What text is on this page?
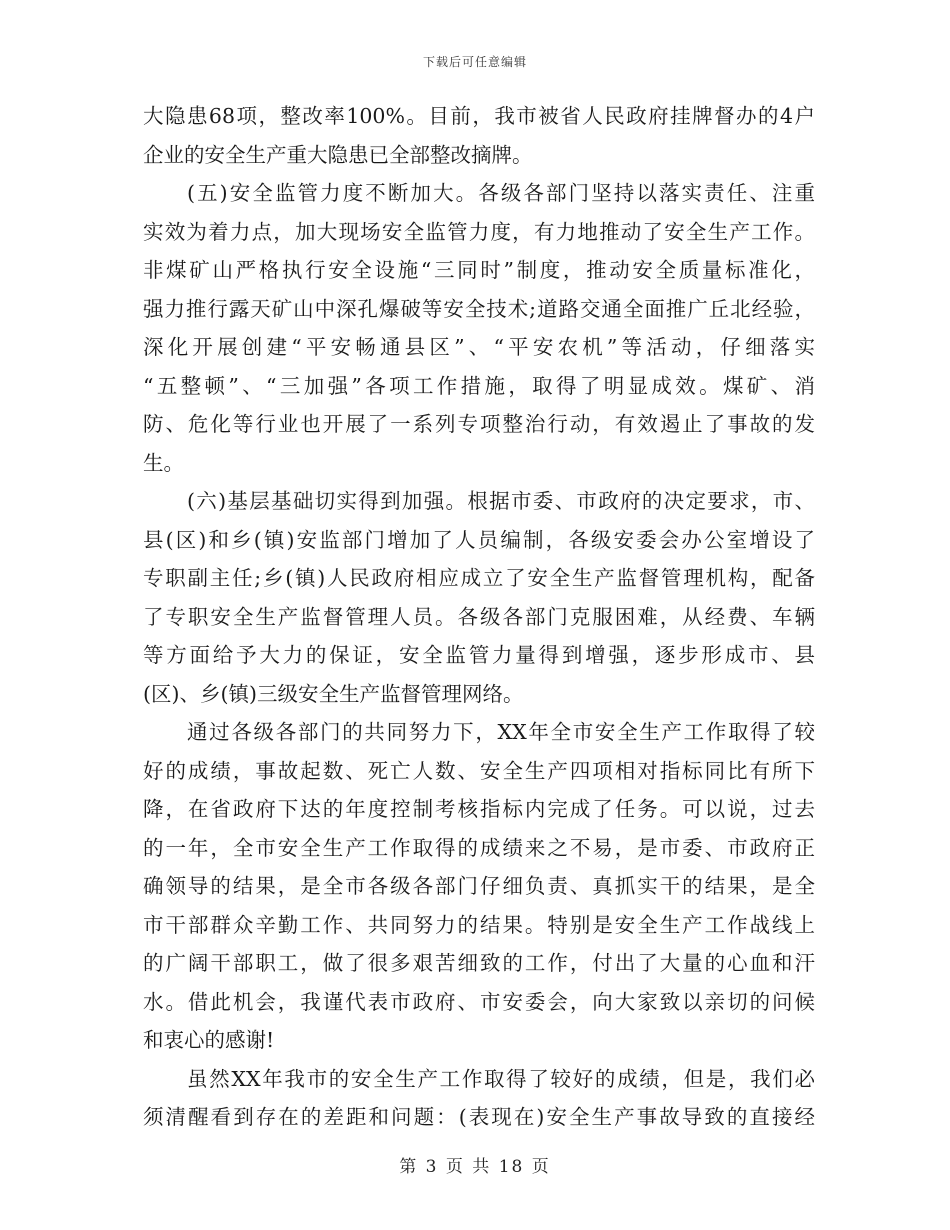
下载后可任意编辑
大隐患68项，整改率100%。目前，我市被省人民政府挂牌督办的4户
企业的安全生产重大隐患已全部整改摘牌。
(五)安全监管力度不断加大。各级各部门坚持以落实责任、注重
实效为着力点，加大现场安全监管力度，有力地推动了安全生产工作。
非煤矿山严格执行安全设施“三同时”制度，推动安全质量标准化，
强力推行露天矿山中深孔爆破等安全技术;道路交通全面推广丘北经验，
深化开展创建“平安畅通县区”、“平安农机”等活动，仔细落实
“五整顿”、“三加强”各项工作措施，取得了明显成效。煤矿、消
防、危化等行业也开展了一系列专项整治行动，有效遏止了事故的发
生。
(六)基层基础切实得到加强。根据市委、市政府的决定要求，市、
县(区)和乡(镇)安监部门增加了人员编制，各级安委会办公室增设了
专职副主任;乡(镇)人民政府相应成立了安全生产监督管理机构，配备
了专职安全生产监督管理人员。各级各部门克服困难，从经费、车辆
等方面给予大力的保证，安全监管力量得到增强，逐步形成市、县
(区)、乡(镇)三级安全生产监督管理网络。
通过各级各部门的共同努力下，XX年全市安全生产工作取得了较
好的成绩，事故起数、死亡人数、安全生产四项相对指标同比有所下
降，在省政府下达的年度控制考核指标内完成了任务。可以说，过去
的一年，全市安全生产工作取得的成绩来之不易，是市委、市政府正
确领导的结果，是全市各级各部门仔细负责、真抓实干的结果，是全
市干部群众辛勤工作、共同努力的结果。特别是安全生产工作战线上
的广阔干部职工，做了很多艰苦细致的工作，付出了大量的心血和汗
水。借此机会，我谨代表市政府、市安委会，向大家致以亲切的问候
和衷心的感谢!
虽然XX年我市的安全生产工作取得了较好的成绩，但是，我们必
须清醒看到存在的差距和问题：(表现在)安全生产事故导致的直接经
第 3 页 共 18 页
